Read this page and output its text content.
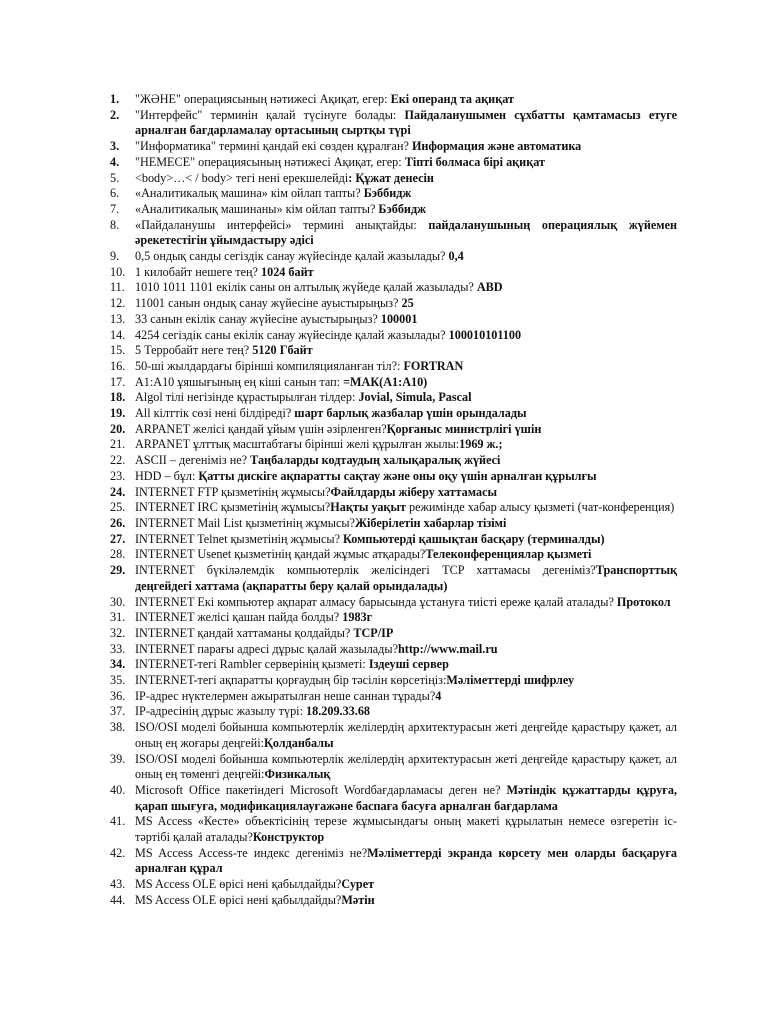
1.	"ЖӘНЕ" операциясының нәтижесі Ақиқат, егер: Екі операнд та ақиқат
2.	"Интерфейс" терминін қалай түсінуге болады: Пайдаланушымен сұхбатты қамтамасыз етуге арналған бағдарламалау ортасының сыртқы түрі
3.	"Информатика" термині қандай екі сөзден құралған? Информация және автоматика
4.	"НЕМЕСЕ" операциясының нәтижесі Ақиқат, егер: Тіпті болмаса бірі ақиқат
5.	<body>…< / body> тегі нені ерекшелейді: Құжат денесін
6.	«Аналитикалық машина» кім ойлап тапты? Бэббидж
7.	«Аналитикалық машинаны» кім ойлап тапты? Бэббидж
8.	«Пайдаланушы интерфейсі» терминi анықтайды: пайдаланушының операциялық жүйемен әрекетестігін ұйымдастыру әдісі
9.	0,5 ондық санды сегіздік санау жүйесінде қалай жазылады? 0,4
10. 1 килобайт нешеге тең? 1024 байт
11. 1010 1011 1101 екілік саны он алтылық жүйеде қалай жазылады? ABD
12. 11001 санын ондық санау жүйесіне ауыстырыңыз? 25
13. 33 санын екілік санау жүйесіне ауыстырыңыз? 100001
14. 4254 сегіздік саны екілік санау жүйесінде қалай жазылады? 100010101100
15. 5 Терробайт неге тең? 5120 Гбайт
16. 50-ші жылдардағы бірінші компиляцияланған тіл?: FORTRAN
17. A1:A10 ұяшығының ең кіші санын тап: =МАК(A1:A10)
18. Algol тілі негізінде құрастырылған тілдер: Jovial, Simula, Pascal
19. All кілттік сөзі нені білдіреді? шарт барлық жазбалар үшін орындалады
20. ARPANET желісі қандай ұйым үшін әзірленген?Қорғаныс министрлігі үшін
21. ARPANET ұлттық масштабтағы бірінші желі құрылған жылы:1969 ж.;
22. ASCII – дегеніміз не? Таңбаларды кодтаудың халықаралық жүйесі
23. HDD – бұл: Қатты дискіге ақпаратты сақтау және оны оқу үшін арналған құрылғы
24. INTERNET FTP қызметінің жұмысы?Файлдарды жіберу хаттамасы
25. INTERNET IRC қызметінің жұмысы?Нақты уақыт режимінде хабар алысу қызметі (чат-конференция)
26. INTERNET Mail List қызметінің жұмысы?Жіберілетін хабарлар тізімі
27. INTERNET Telnet қызметінің жұмысы? Компьютерді қашықтан басқару (терминалды)
28. INTERNET Usenet қызметінің қандай жұмыс атқарады?Телеконференциялар қызметі
29. INTERNET бүкіләлемдік компьютерлік желісіндегі TCP хаттамасы дегеніміз?Транспорттық деңгейдегі хаттама (ақпаратты беру қалай орындалады)
30. INTERNET Екі компьютер ақпарат алмасу барысында ұстануға тиісті ереже қалай аталады? Протокол
31. INTERNET желісі қашан пайда болды? 1983г
32. INTERNET қандай хаттаманы қолдайды? TCP/IP
33. INTERNET парағы адресі дұрыс қалай жазылады?http://www.mail.ru
34. INTERNET-тегі Rambler серверінің қызметі: Іздеуші сервер
35. INTERNET-тегі ақпаратты қорғаудың бір тәсілін көрсетіңіз:Мәліметтерді шифрлеу
36. IP-адрес нүктелермен ажыратылған неше саннан тұрады?4
37. IP-адресінің дұрыс жазылу түрі: 18.209.33.68
38. ISO/OSI моделі бойынша компьютерлік желілердің архитектурасын жеті деңгейде қарастыру қажет, ал оның ең жоғары деңгейі:Қолданбалы
39. ISO/OSI моделі бойынша компьютерлік желілердің архитектурасын жеті деңгейде қарастыру қажет, ал оның ең төменгі деңгейі:Физикалық
40. Microsoft Office пакетіндегі Microsoft Wordбағдарламасы деген не? Мәтіндік құжаттарды құруға, қарап шығуға, модификациялауғажәне баспаға басуға арналған бағдарлама
41. MS Access «Кесте» объектісінің терезе жұмысындағы оның макеті құрылатын немесе өзгеретін іс-тәртібі қалай аталады?Конструктор
42. MS Access Access-те индекс дегеніміз не?Мәліметтерді экранда көрсету мен оларды басқаруға арналған құрал
43. MS Access OLE өрісі нені қабылдайды?Сурет
44. MS Access OLE өрісі нені қабылдайды?Мәтін
